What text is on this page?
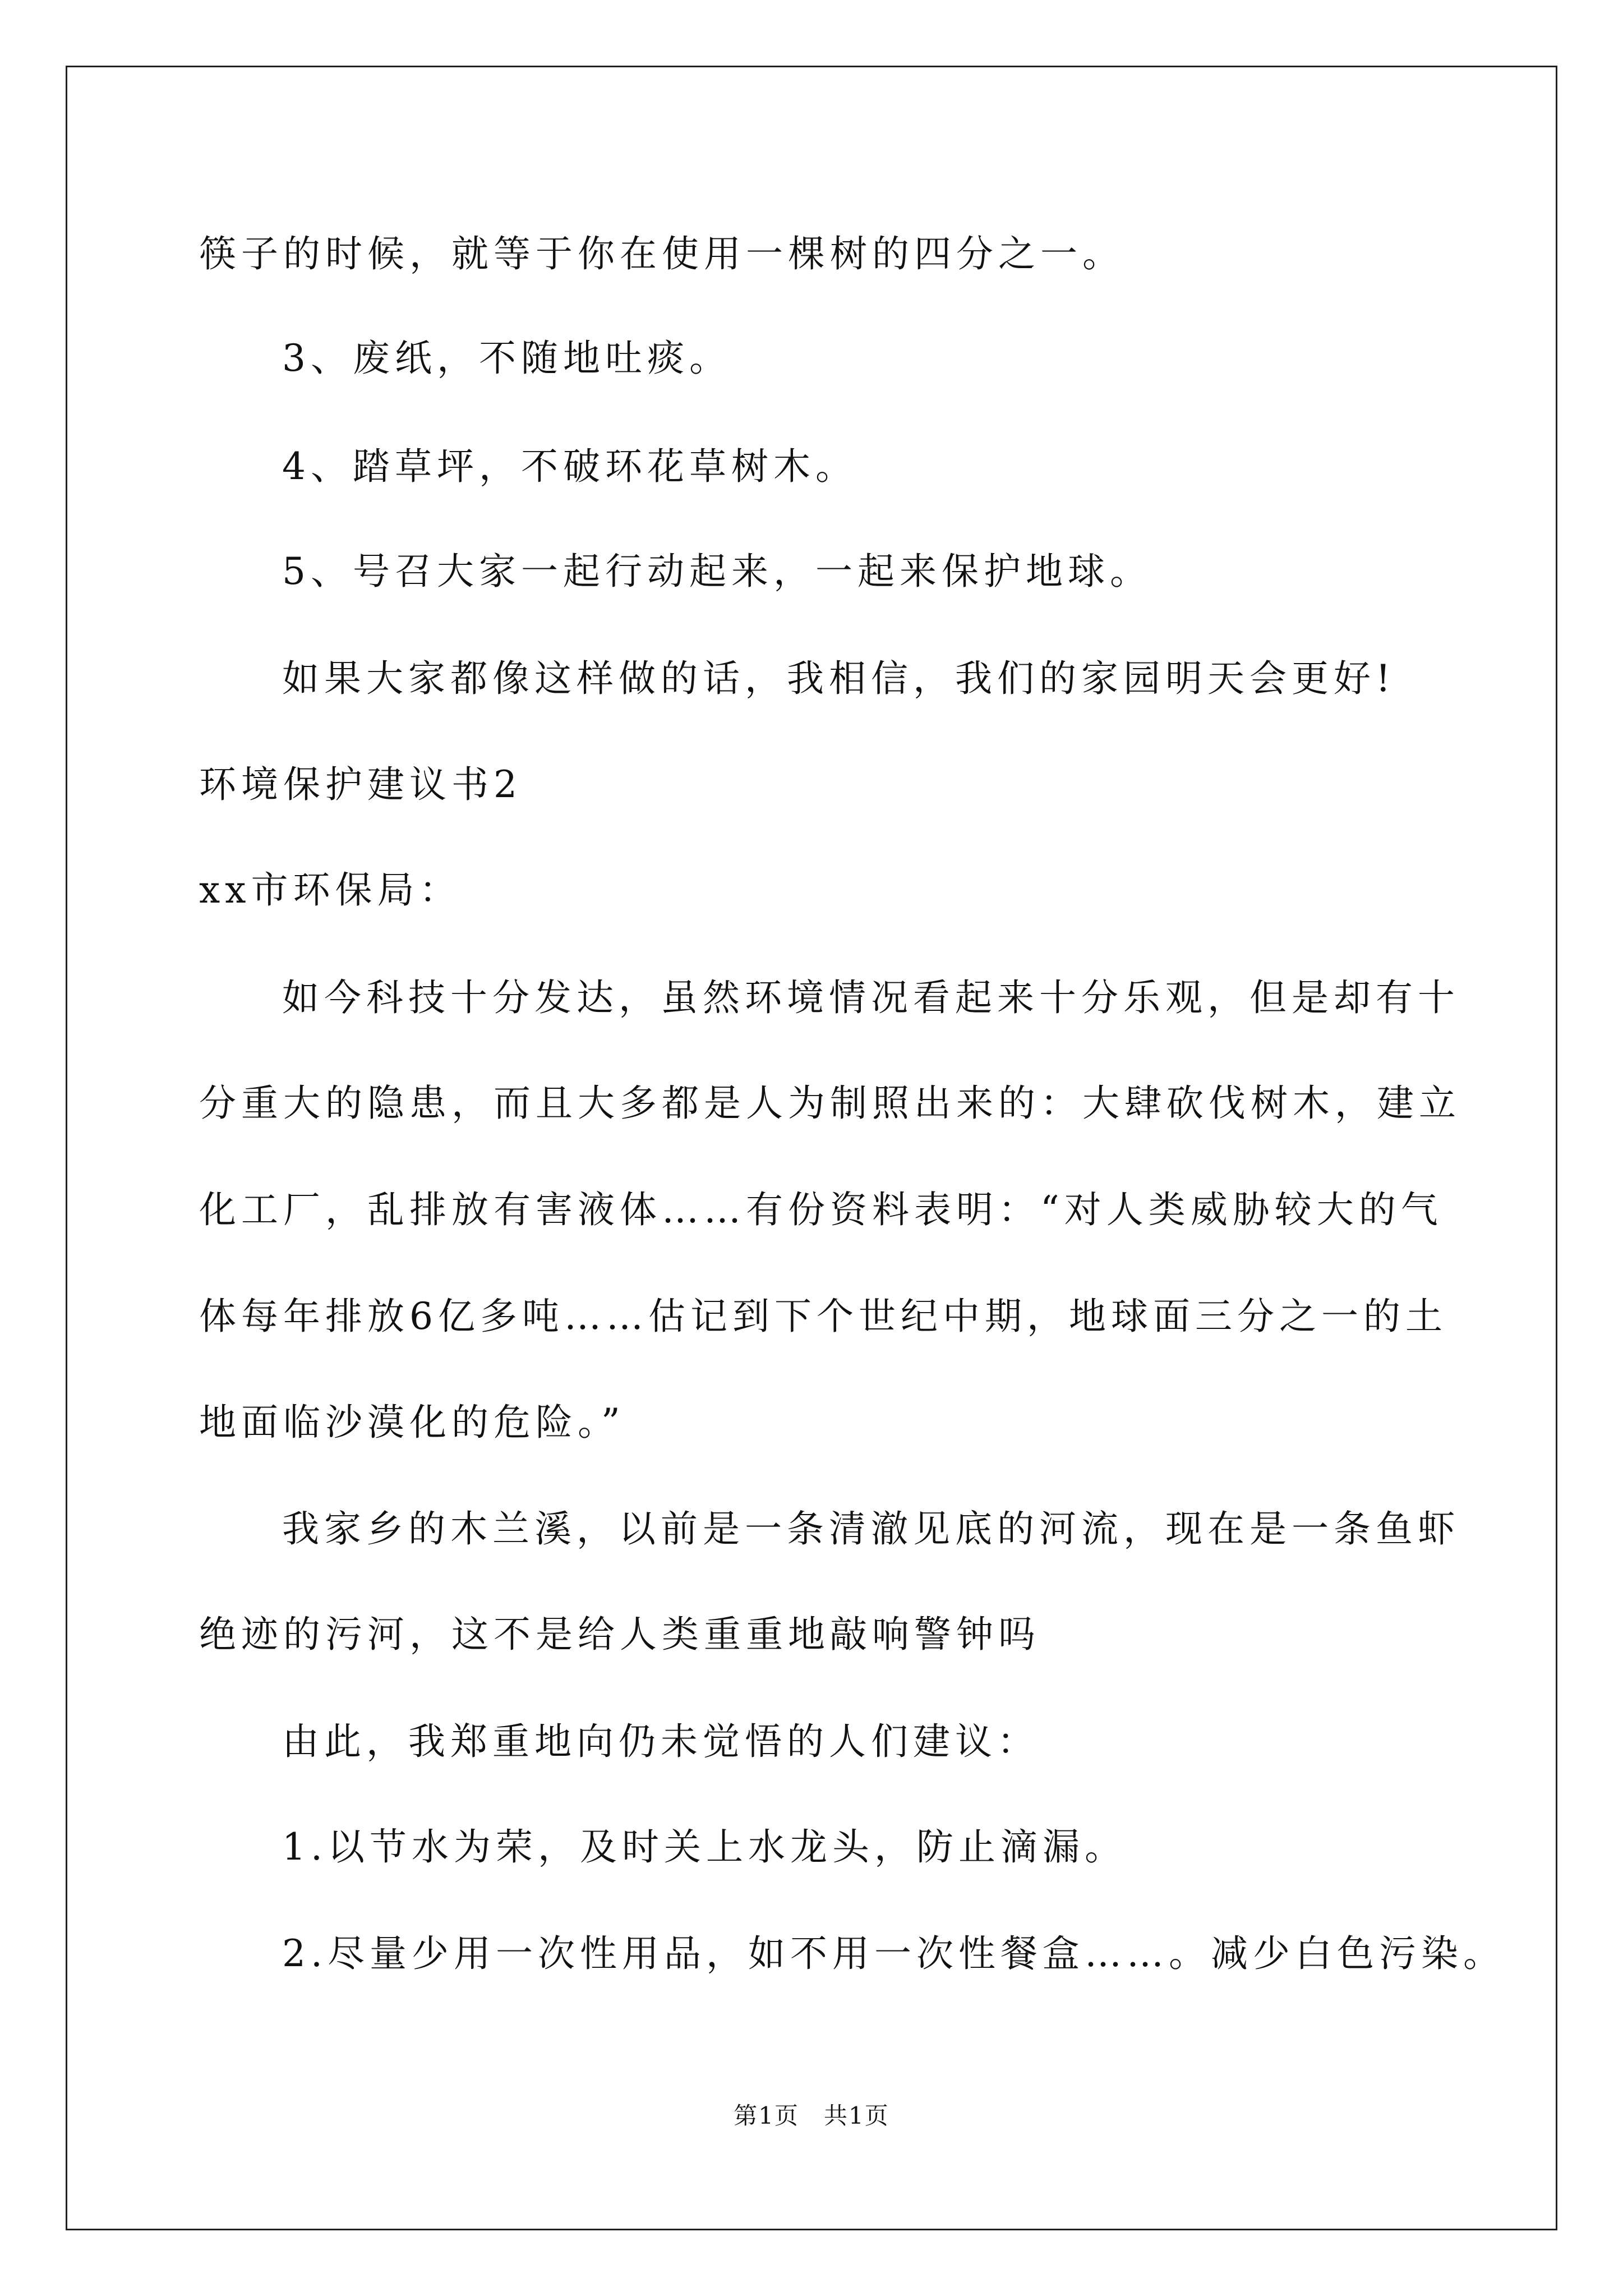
筷子的时候，就等于你在使用一棵树的四分之一。
3、废纸，不随地吐痰。
4、踏草坪，不破环花草树木。
5、号召大家一起行动起来，一起来保护地球。
如果大家都像这样做的话，我相信，我们的家园明天会更好!
环境保护建议书2
xx市环保局：
如今科技十分发达，虽然环境情况看起来十分乐观，但是却有十
分重大的隐患，而且大多都是人为制照出来的：大肆砍伐树木，建立
化工厂，乱排放有害液体……有份资料表明：“对人类威胁较大的气
体每年排放6亿多吨……估记到下个世纪中期，地球面三分之一的土
地面临沙漠化的危险。”
我家乡的木兰溪，以前是一条清澈见底的河流，现在是一条鱼虾
绝迹的污河，这不是给人类重重地敲响警钟吗
由此，我郑重地向仍未觉悟的人们建议：
1.以节水为荣，及时关上水龙头，防止滴漏。
2.尽量少用一次性用品，如不用一次性餐盒……。减少白色污染。
第1页　共1页
